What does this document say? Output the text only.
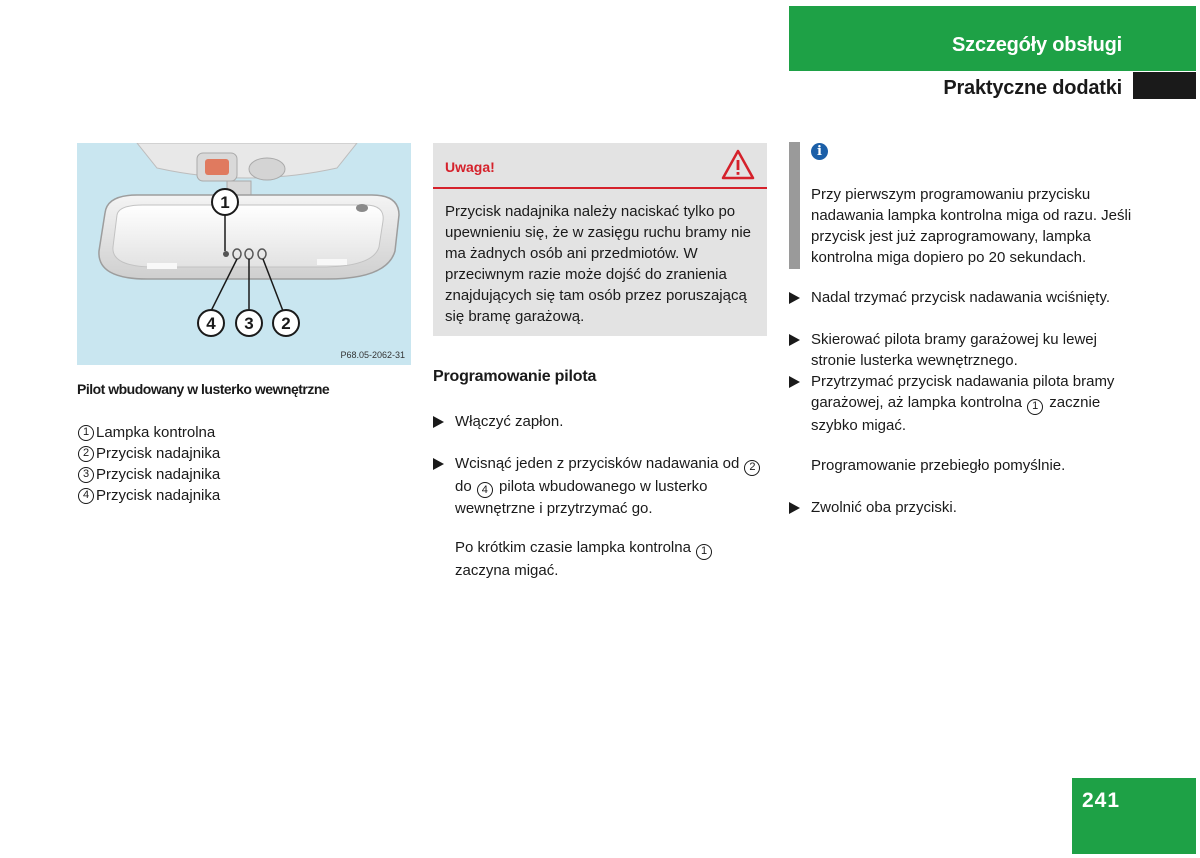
Szczegóły obsługi
Praktyczne dodatki
1
4 3 2
P68.05-2062-31
Pilot wbudowany w lusterko wewnętrzne
1 Lampka kontrolna
2 Przycisk nadajnika
3 Przycisk nadajnika
4 Przycisk nadajnika
Uwaga!
Przycisk nadajnika należy naciskać tylko po upewnieniu się, że w zasięgu ruchu bramy nie ma żadnych osób ani przedmiotów. W przeciwnym razie może dojść do zranienia znajdujących się tam osób przez poruszającą się bramę garażową.
Programowanie pilota
Włączyć zapłon.
Wcisnąć jeden z przycisków nadawania od 2
do 4 pilota wbudowanego w lusterko wewnętrzne i przytrzymać go.
Po krótkim czasie lampka kontrolna 1 zaczyna migać.
i
Przy pierwszym programowaniu przycisku nadawania lampka kontrolna miga od razu. Jeśli przycisk jest już zaprogramowany, lampka kontrolna miga dopiero po 20 sekundach.
Nadal trzymać przycisk nadawania wciśnięty.
Skierować pilota bramy garażowej ku lewej stronie lusterka wewnętrznego.
Przytrzymać przycisk nadawania pilota bramy garażowej, aż lampka kontrolna 1 zacznie szybko migać.
Programowanie przebiegło pomyślnie.
Zwolnić oba przyciski.
241
